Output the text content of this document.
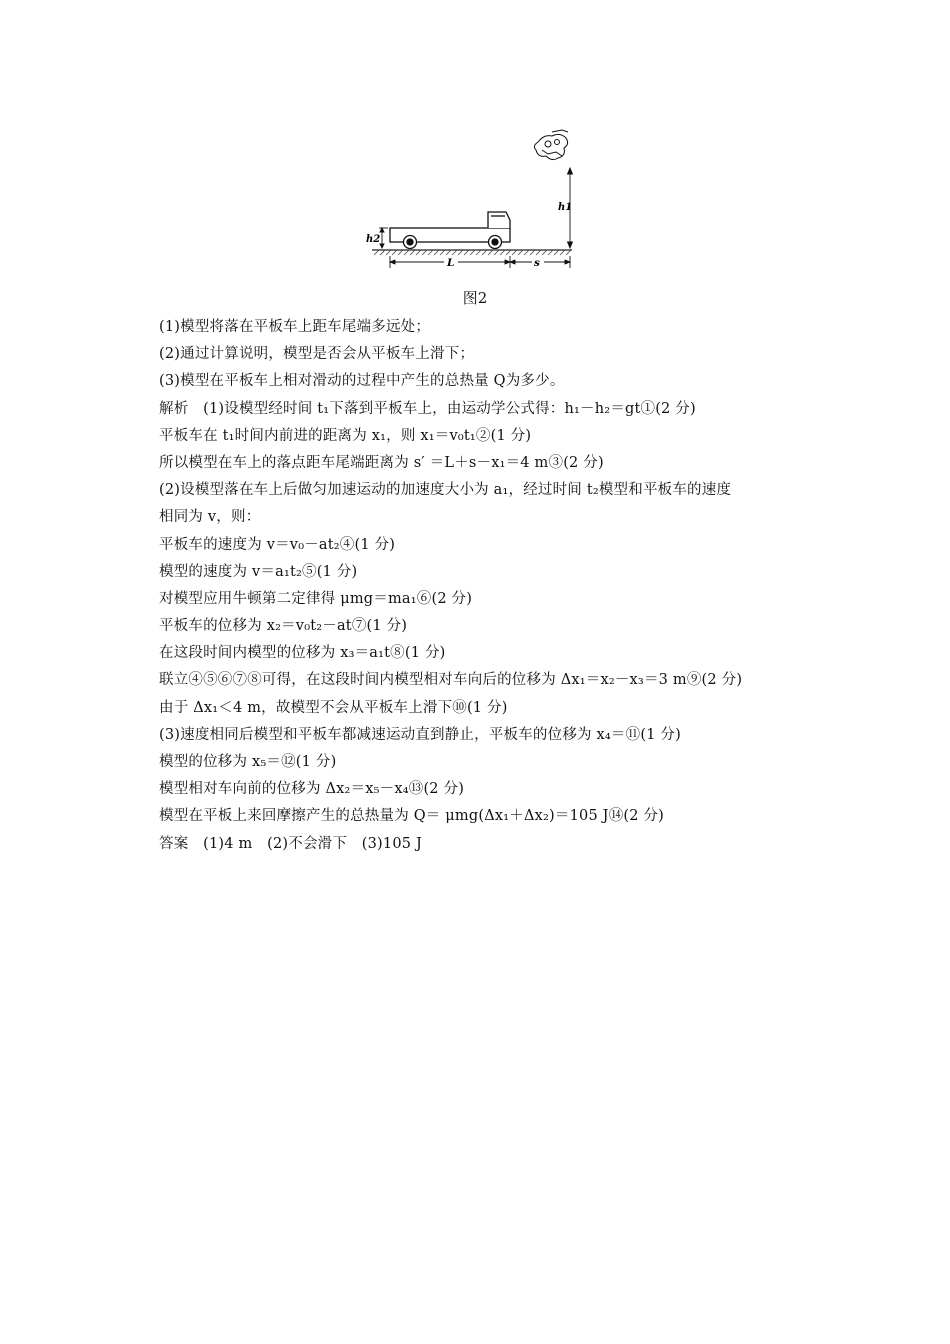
h2
h1
L	s
图2
(1)模型将落在平板车上距车尾端多远处；
(2)通过计算说明，模型是否会从平板车上滑下；
(3)模型在平板车上相对滑动的过程中产生的总热量 Q为多少。
解析　(1)设模型经时间 t₁下落到平板车上，由运动学公式得：h₁－h₂＝gt①(2 分)
平板车在 t₁时间内前进的距离为 x₁，则 x₁＝v₀t₁②(1 分)
所以模型在车上的落点距车尾端距离为 s′ ＝L＋s－x₁＝4 m③(2 分)
(2)设模型落在车上后做匀加速运动的加速度大小为 a₁，经过时间 t₂模型和平板车的速度
相同为 v，则：
平板车的速度为 v＝v₀－at₂④(1 分)
模型的速度为 v＝a₁t₂⑤(1 分)
对模型应用牛顿第二定律得 μmg＝ma₁⑥(2 分)
平板车的位移为 x₂＝v₀t₂－at⑦(1 分)
在这段时间内模型的位移为 x₃＝a₁t⑧(1 分)
联立④⑤⑥⑦⑧可得，在这段时间内模型相对车向后的位移为 Δx₁＝x₂－x₃＝3 m⑨(2 分)
由于 Δx₁＜4 m，故模型不会从平板车上滑下⑩(1 分)
(3)速度相同后模型和平板车都减速运动直到静止，平板车的位移为 x₄＝⑪(1 分)
模型的位移为 x₅＝⑫(1 分)
模型相对车向前的位移为 Δx₂＝x₅－x₄⑬(2 分)
模型在平板上来回摩擦产生的总热量为 Q＝ μmg(Δx₁＋Δx₂)＝105 J⑭(2 分)
答案　(1)4 m　(2)不会滑下　(3)105 J
